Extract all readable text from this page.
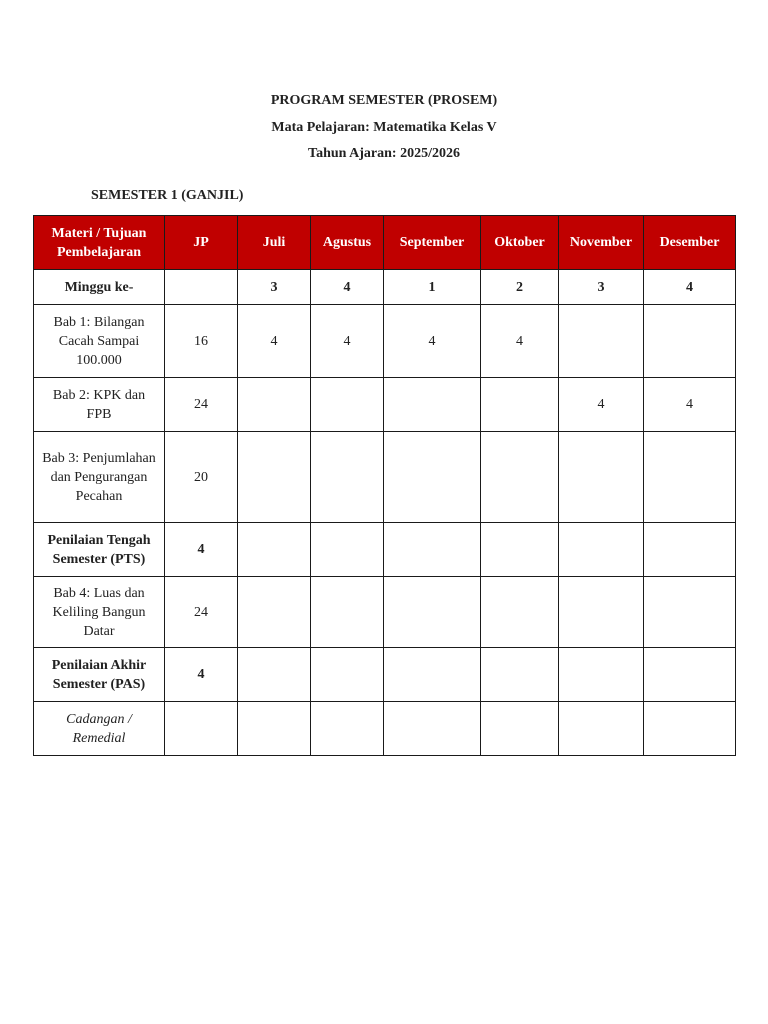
PROGRAM SEMESTER (PROSEM)
Mata Pelajaran: Matematika Kelas V
Tahun Ajaran: 2025/2026
SEMESTER 1 (GANJIL)
Materi / Tujuan Pembelajaran	JP	Juli	Agustus	September	Oktober	November	Desember
Minggu ke-		3	4	1	2	3	4
Bab 1: Bilangan Cacah Sampai 100.000	16	4	4	4	4		
Bab 2: KPK dan FPB	24					4	4
Bab 3: Penjumlahan dan Pengurangan Pecahan	20						
Penilaian Tengah Semester (PTS)	4						
Bab 4: Luas dan Keliling Bangun Datar	24						
Penilaian Akhir Semester (PAS)	4						
Cadangan / Remedial							
